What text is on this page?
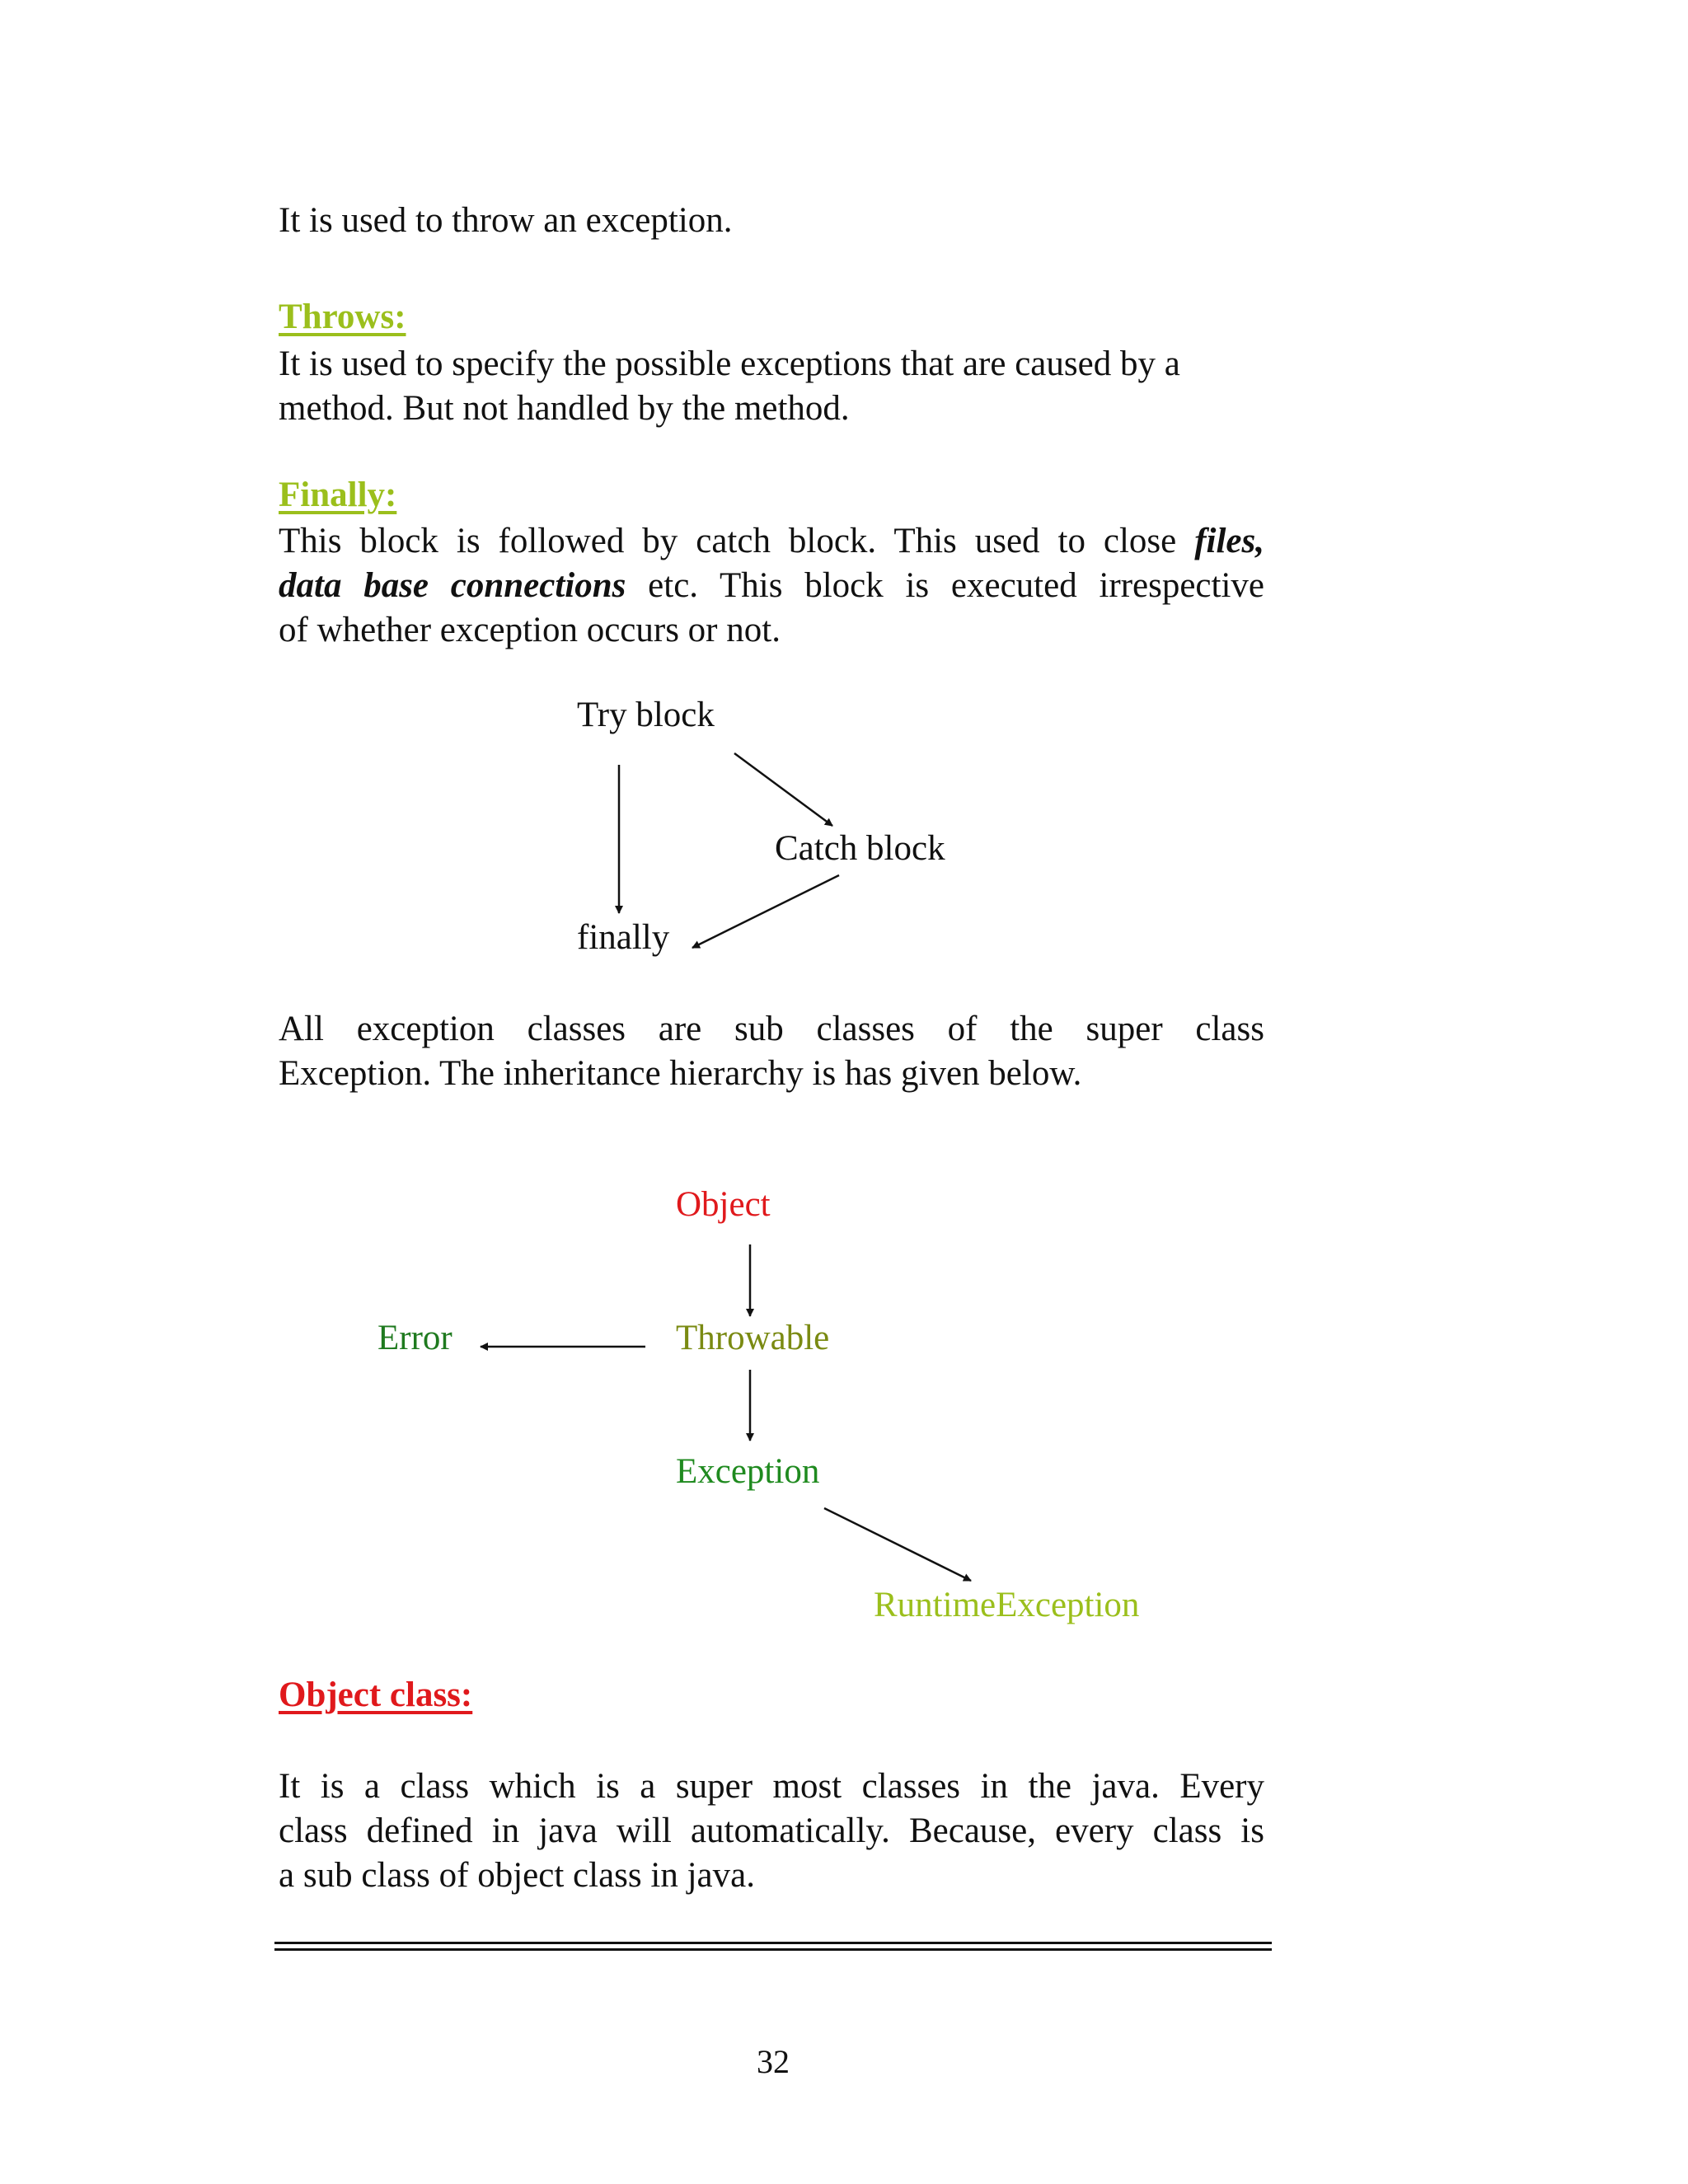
It is used to throw an exception.

Throws:

It is used to specify the possible exceptions that are caused by a
method. But not handled by the method.

Finally:

This block is followed by catch block. This used to close files,
data base connections etc. This block is executed irrespective
of whether exception occurs or not.
Try block
Catch block
finally
All exception classes are sub classes of the super class
Exception. The inheritance hierarchy is has given below.
Object
Throwable
Error
Exception
RuntimeException

Object class:

It is a class which is a super most classes in the java. Every
class defined in java will automatically. Because, every class is
a sub class of object class in java.
32
